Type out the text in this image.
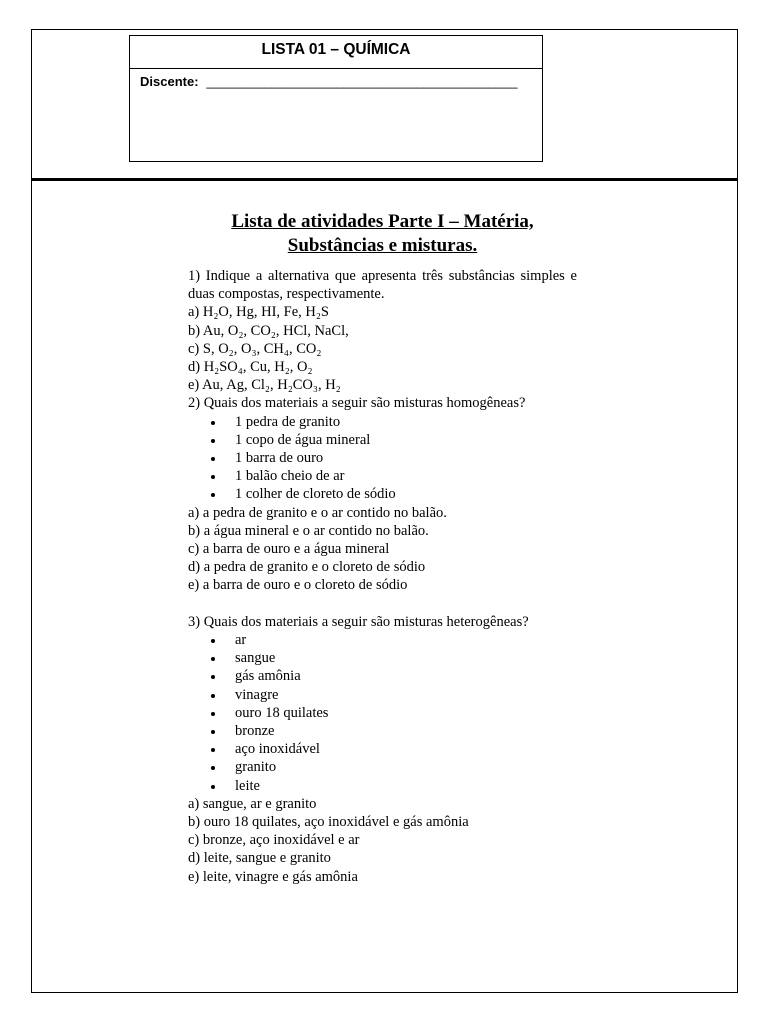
LISTA 01 – QUÍMICA
Discente: ___________________________________________
Lista de atividades Parte I – Matéria,
Substâncias e misturas.
1) Indique a alternativa que apresenta três substâncias simples e duas compostas, respectivamente.
a) H₂O, Hg, HI, Fe, H₂S
b) Au, O₂, CO₂, HCl, NaCl,
c) S, O₂, O₃, CH₄, CO₂
d) H₂SO₄, Cu, H₂, O₂
e) Au, Ag, Cl₂, H₂CO₃, H₂
2) Quais dos materiais a seguir são misturas homogêneas?
1 pedra de granito
1 copo de água mineral
1 barra de ouro
1 balão cheio de ar
1 colher de cloreto de sódio
a) a pedra de granito e o ar contido no balão.
b) a água mineral e o ar contido no balão.
c) a barra de ouro e a água mineral
d) a pedra de granito e o cloreto de sódio
e) a barra de ouro e o cloreto de sódio
3) Quais dos materiais a seguir são misturas heterogêneas?
ar
sangue
gás amônia
vinagre
ouro 18 quilates
bronze
aço inoxidável
granito
leite
a) sangue, ar e granito
b) ouro 18 quilates, aço inoxidável e gás amônia
c) bronze, aço inoxidável e ar
d) leite, sangue e granito
e) leite, vinagre e gás amônia
